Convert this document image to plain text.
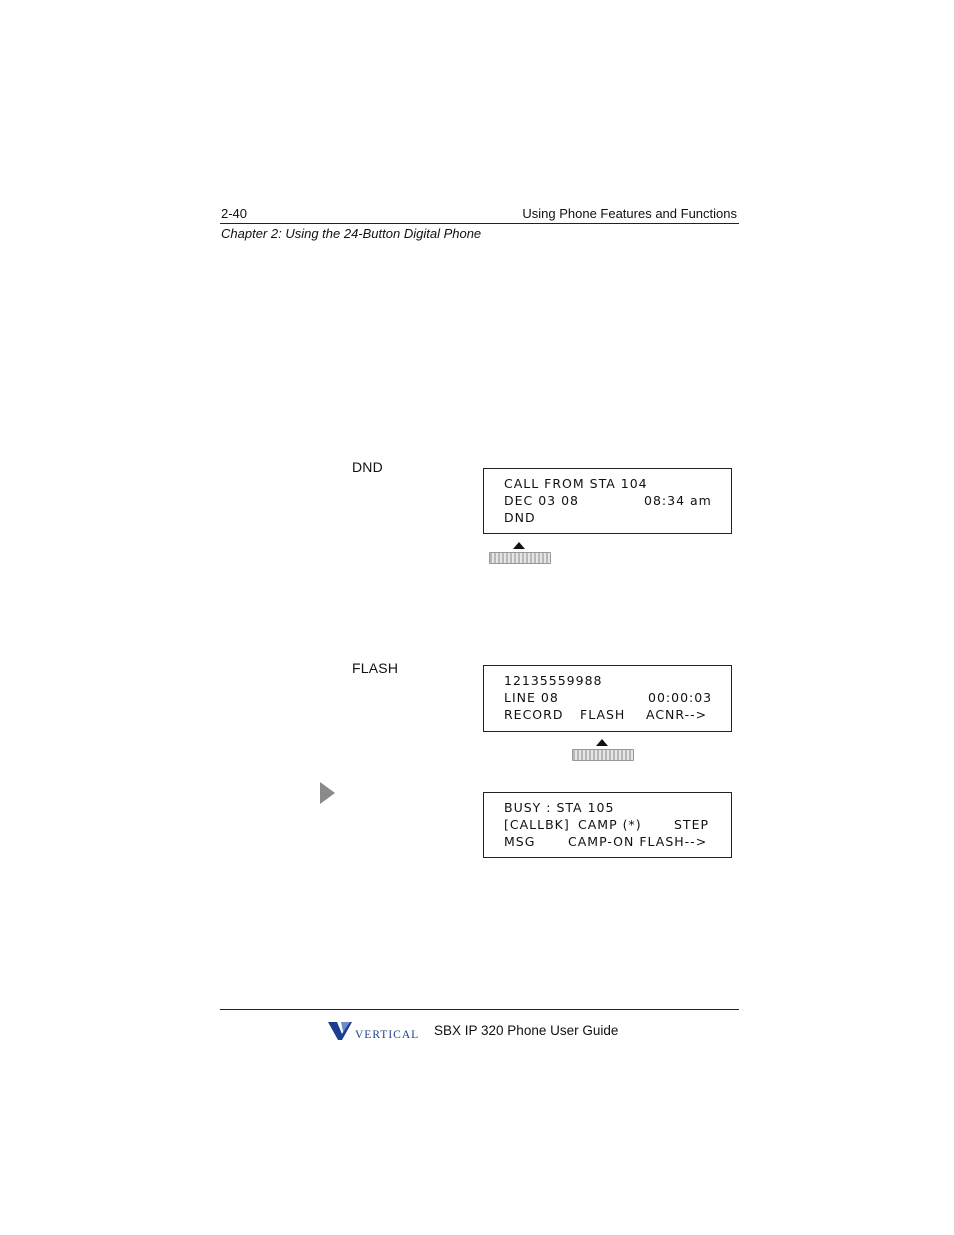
2-40	Using Phone Features and Functions
Chapter 2: Using the 24-Button Digital Phone
DND
CALL FROM STA 104

DEC 03 08

	08:34 am

DND
FLASH
12135559988

LINE 08

	00:00:03

RECORD

FLASH

ACNR-->

BUSY : STA 105

[CALLBK]

CAMP (*)

	STEP

MSG

	CAMP-ON FLASH-->

VERTICAL SBX IP 320 Phone User Guide
